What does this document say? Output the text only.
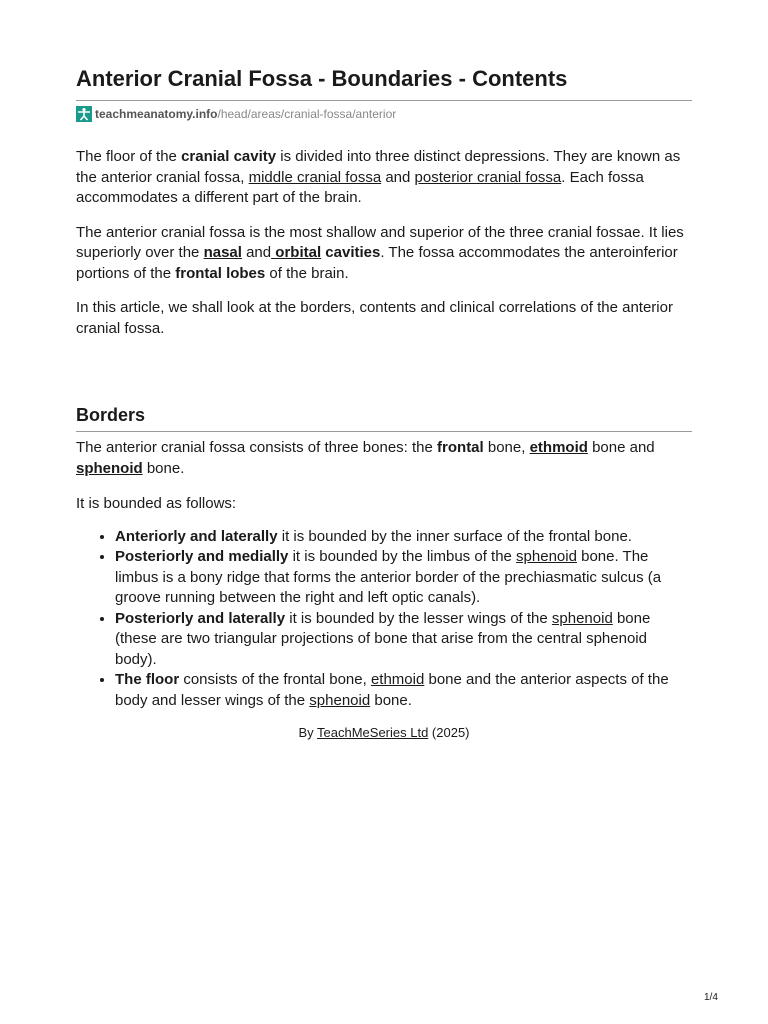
Anterior Cranial Fossa - Boundaries - Contents
teachmeanatomy.info/head/areas/cranial-fossa/anterior

The floor of the cranial cavity is divided into three distinct depressions. They are known as the anterior cranial fossa, middle cranial fossa and posterior cranial fossa. Each fossa accommodates a different part of the brain.

The anterior cranial fossa is the most shallow and superior of the three cranial fossae. It lies superiorly over the nasal and orbital cavities. The fossa accommodates the anteroinferior portions of the frontal lobes of the brain.

In this article, we shall look at the borders, contents and clinical correlations of the anterior cranial fossa.

Borders

The anterior cranial fossa consists of three bones: the frontal bone, ethmoid bone and sphenoid bone.

It is bounded as follows:

• Anteriorly and laterally it is bounded by the inner surface of the frontal bone.
• Posteriorly and medially it is bounded by the limbus of the sphenoid bone. The limbus is a bony ridge that forms the anterior border of the prechiasmatic sulcus (a groove running between the right and left optic canals).
• Posteriorly and laterally it is bounded by the lesser wings of the sphenoid bone (these are two triangular projections of bone that arise from the central sphenoid body).
• The floor consists of the frontal bone, ethmoid bone and the anterior aspects of the body and lesser wings of the sphenoid bone.
By TeachMeSeries Ltd (2025)
1/4
